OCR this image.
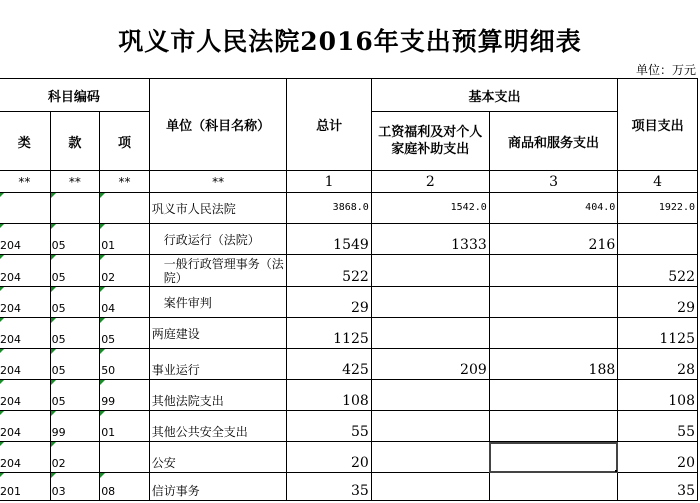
巩义市人民法院2016年支出预算明细表
单位：万元
科目编码			单位（科目名称）	总计	基本支出		项目支出
类	款	项			工资福利及对个人家庭补助支出	商品和服务支出	
**	**	**	**	1	2	3	4
			巩义市人民法院	3868.0	1542.0	404.0	1922.0
204	05	01	行政运行（法院）	1549	1333	216	
204	05	02	一般行政管理事务（法院）	522			522
204	05	04	案件审判	29			29
204	05	05	两庭建设	1125			1125
204	05	50	事业运行	425	209	188	28
204	05	99	其他法院支出	108			108
204	99	01	其他公共安全支出	55			55
204	02		公安	20			20
201	03	08	信访事务	35			35
